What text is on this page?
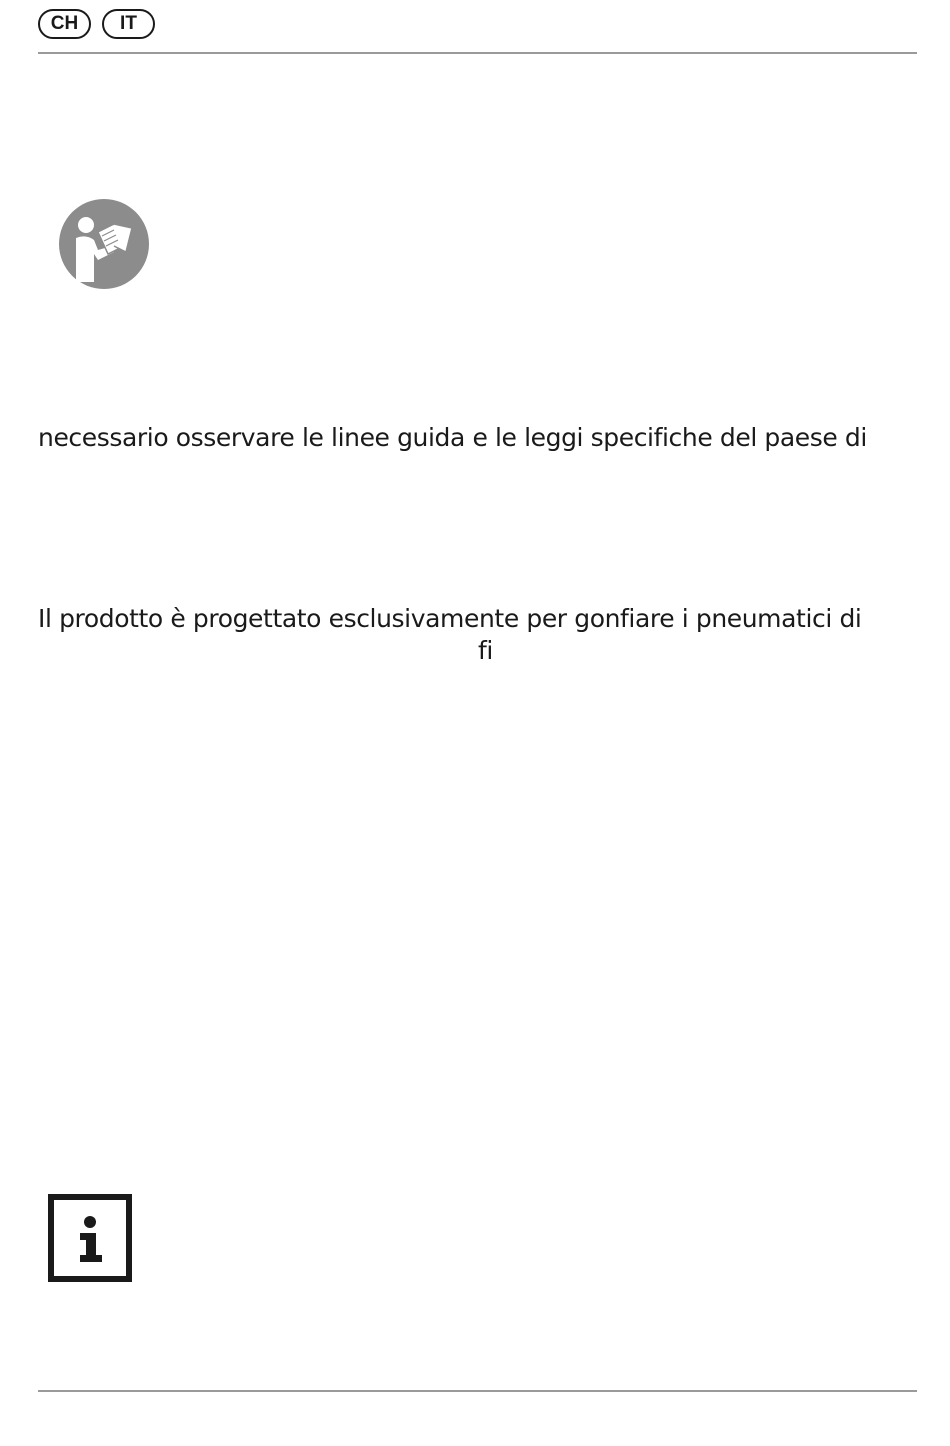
CH	IT
necessario osservare le linee guida e le leggi specifiche del paese di
Il prodotto è progettato esclusivamente per gonfiare i pneumatici di
fi
